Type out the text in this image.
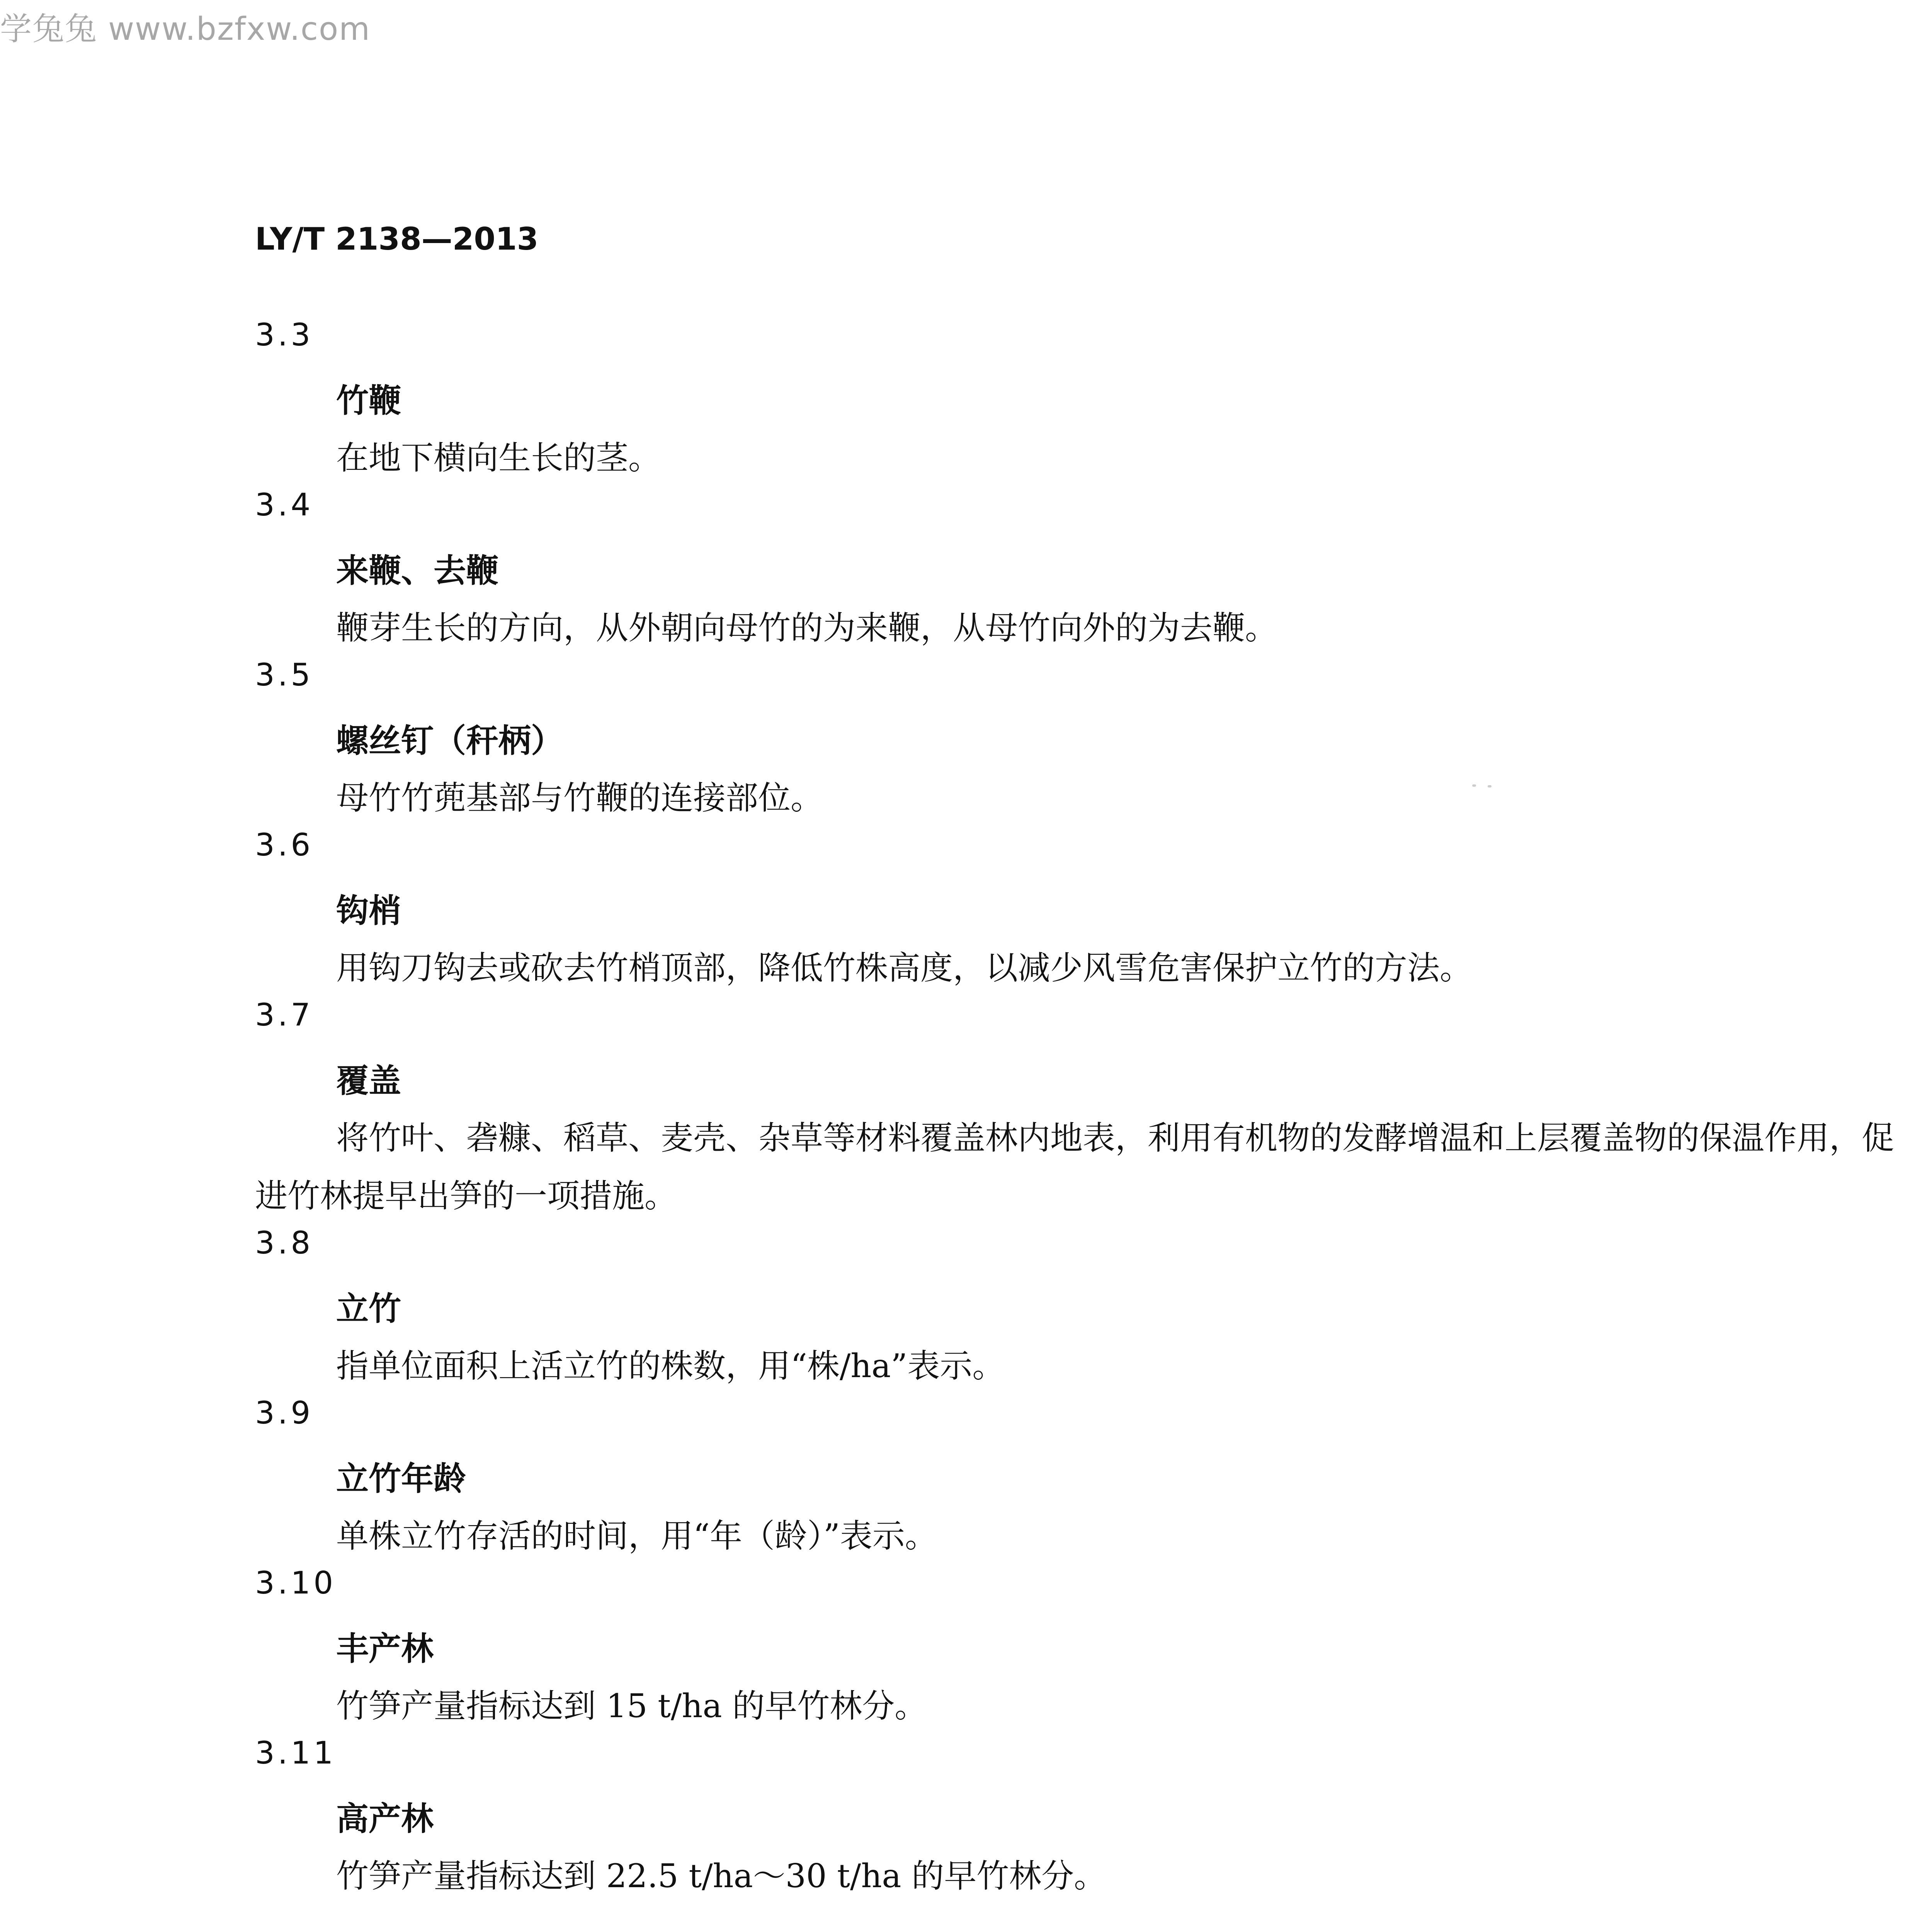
学兔兔 www.bzfxw.com
LY/T 2138—2013
3.3
竹鞭
在地下横向生长的茎。
3.4
来鞭、去鞭
鞭芽生长的方向，从外朝向母竹的为来鞭，从母竹向外的为去鞭。
3.5
螺丝钉（秆柄）
母竹竹蔸基部与竹鞭的连接部位。
3.6
钩梢
用钩刀钩去或砍去竹梢顶部，降低竹株高度，以减少风雪危害保护立竹的方法。
3.7
覆盖
将竹叶、砻糠、稻草、麦壳、杂草等材料覆盖林内地表，利用有机物的发酵增温和上层覆盖物的保温作用，促进竹林提早出笋的一项措施。
3.8
立竹
指单位面积上活立竹的株数，用“株/ha”表示。
3.9
立竹年龄
单株立竹存活的时间，用“年（龄）”表示。
3.10
丰产林
竹笋产量指标达到 15 t/ha 的早竹林分。
3.11
高产林
竹笋产量指标达到 22.5 t/ha～30 t/ha 的早竹林分。
